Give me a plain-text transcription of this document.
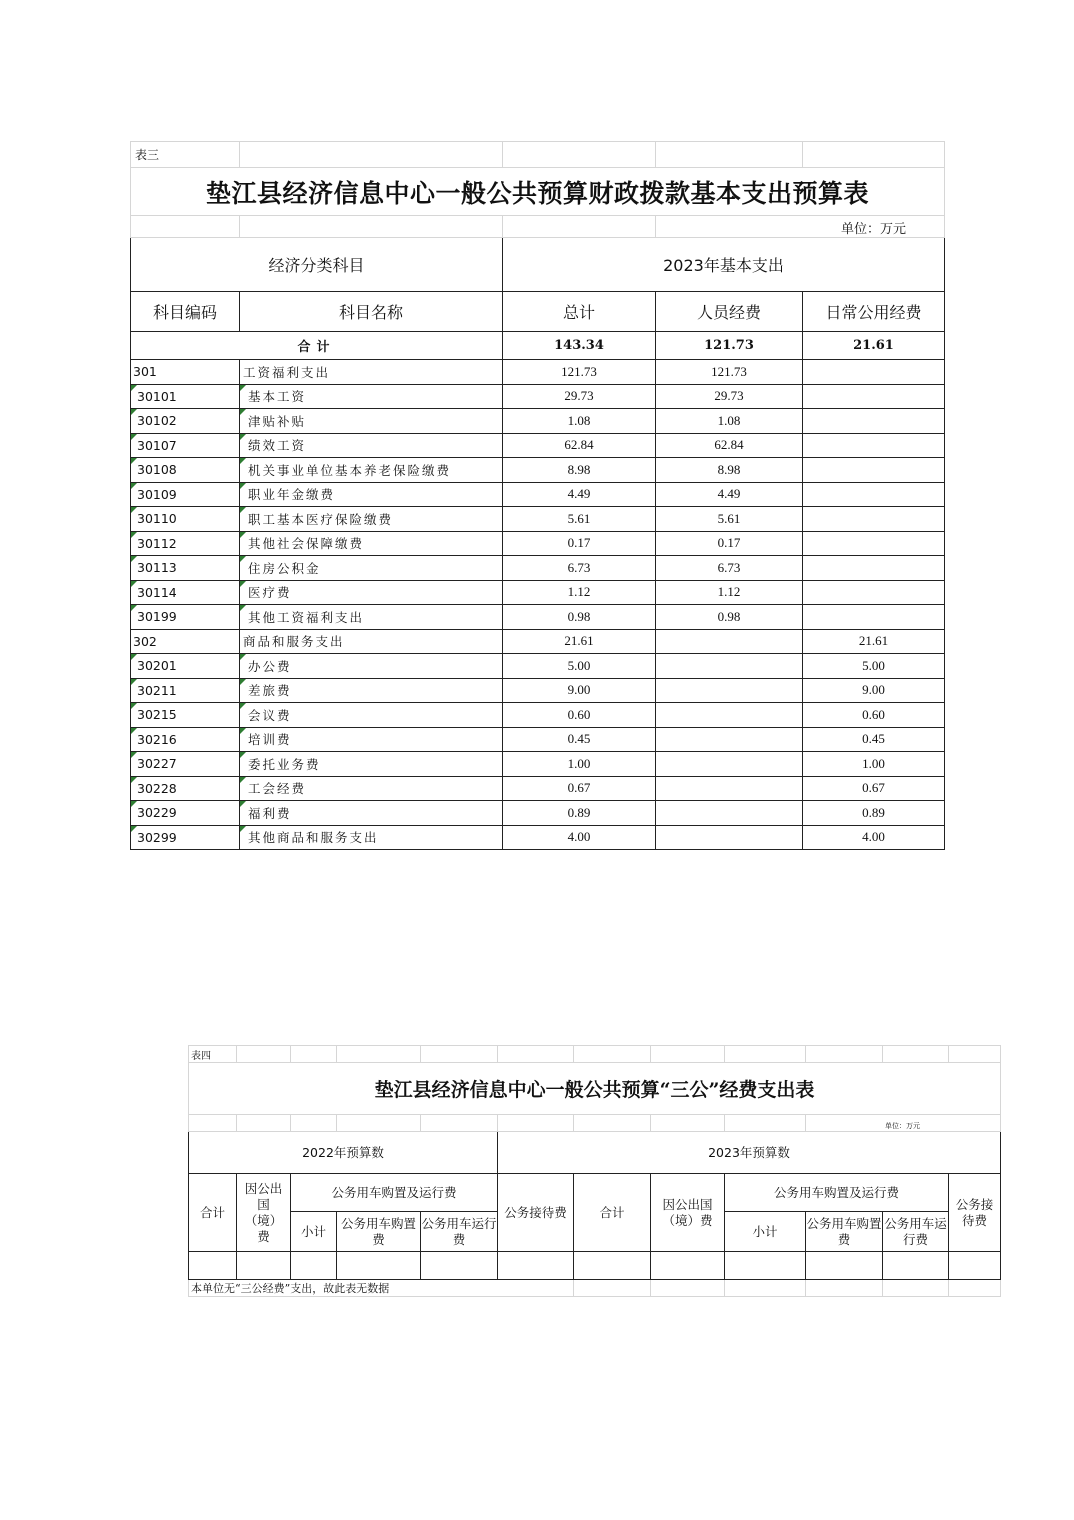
表三				
垫江县经济信息中心一般公共预算财政拨款基本支出预算表				
			单位：万元	
经济分类科目		2023年基本支出		
科目编码	科目名称	总计	人员经费	日常公用经费
合计		143.34	121.73	21.61
301	工资福利支出	121.73	121.73	

30101	基本工资	29.73	29.73	

30102	津贴补贴	1.08	1.08	

30107	绩效工资	62.84	62.84	

30108	机关事业单位基本养老保险缴费	8.98	8.98	

30109	职业年金缴费	4.49	4.49	

30110	职工基本医疗保险缴费	5.61	5.61	

30112	其他社会保障缴费	0.17	0.17	

30113	住房公积金	6.73	6.73	

30114	医疗费	1.12	1.12	

30199	其他工资福利支出	0.98	0.98	
302	商品和服务支出	21.61		21.61

30201	办公费	5.00		5.00

30211	差旅费	9.00		9.00

30215	会议费	0.60		0.60

30216	培训费	0.45		0.45

30227	委托业务费	1.00		1.00

30228	工会经费	0.67		0.67

30229	福利费	0.89		0.89

30299	其他商品和服务支出	4.00		4.00
表四											
垫江县经济信息中心一般公共预算“三公”经费支出表											
									单位：万元		
2022年预算数					2023年预算数						
合计	因公出国（境）费	公务用车购置及运行费			公务接待费	合计	因公出国（境）费	公务用车购置及运行费			公务接待费
		小计	公务用车购置费	公务用车运行费				小计	公务用车购置费	公务用车运行费	

本单位无“三公经费”支出，故此表无数据											
